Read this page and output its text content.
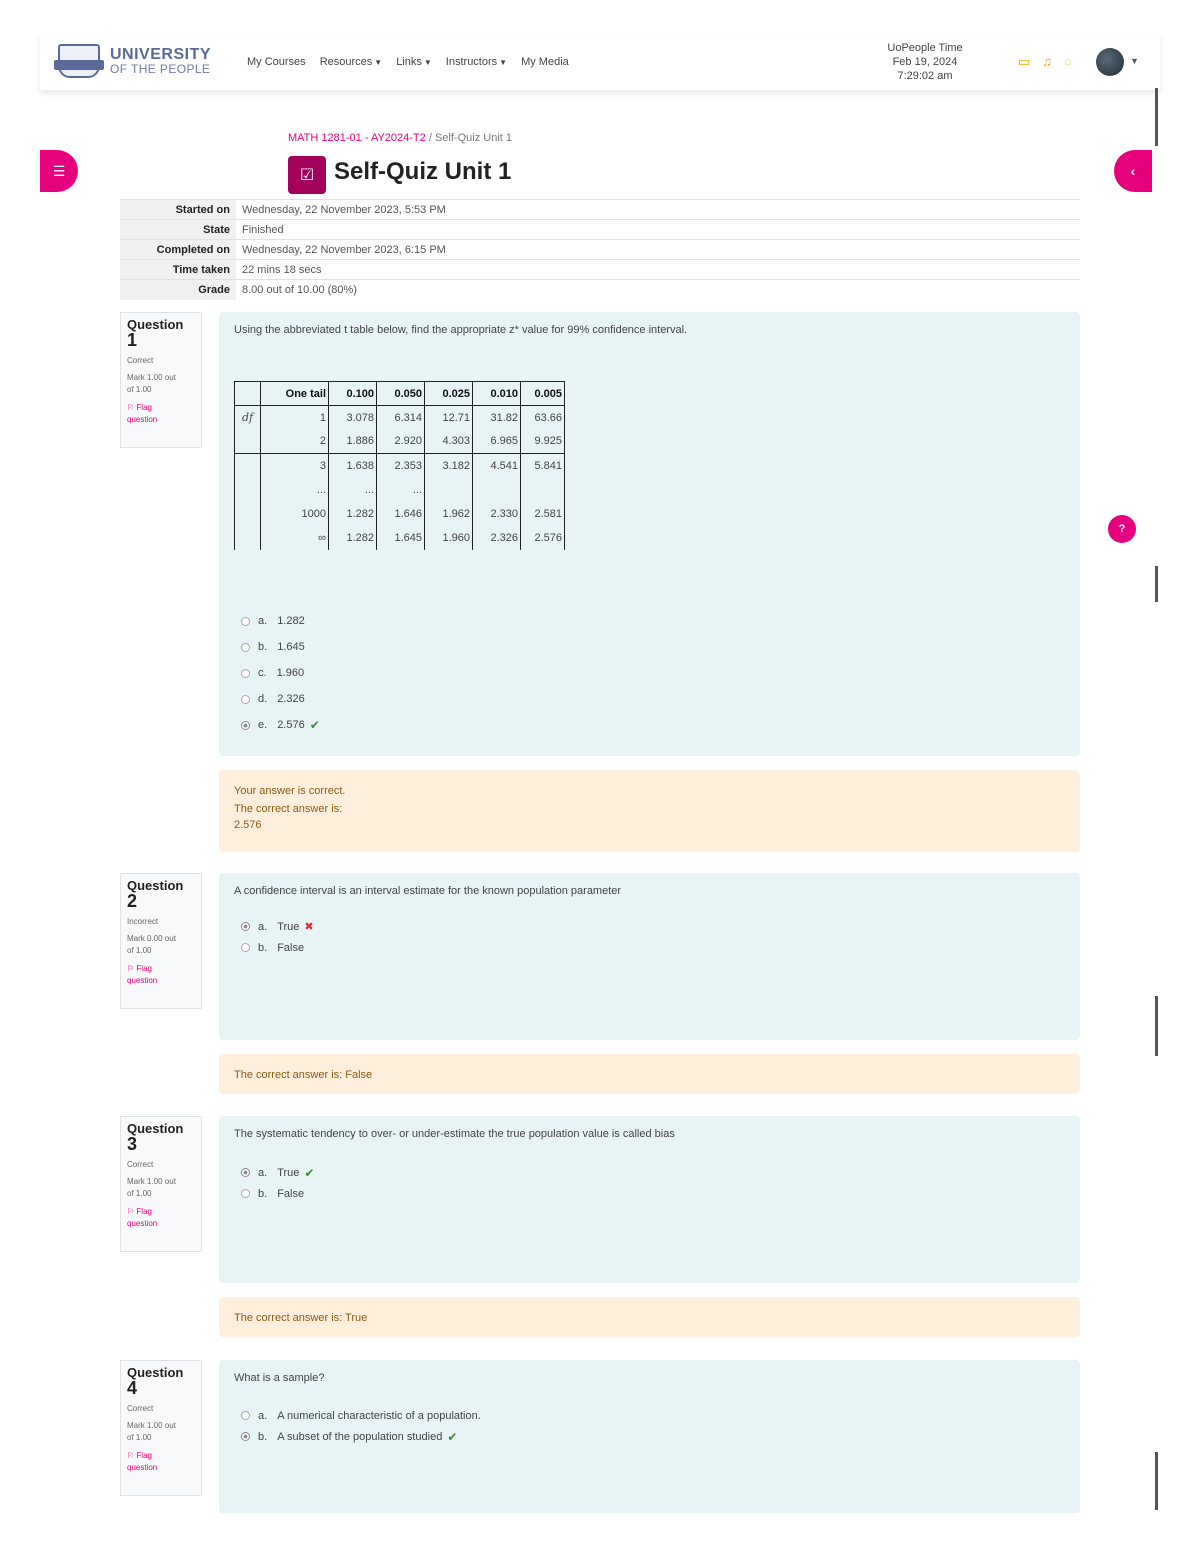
UNIVERSITY
OF THE PEOPLE	My Courses Resources ▼ Links ▼ Instructors ▼ My Media
UoPeople Time
Feb 19, 2024
7:29:02 am
▭ ♫ ◌	▼
☰	‹
?
MATH 1281-01 - AY2024-T2 / Self-Quiz Unit 1
☑ Self-Quiz Unit 1
Started on	Wednesday, 22 November 2023, 5:53 PM
State	Finished
Completed on	Wednesday, 22 November 2023, 6:15 PM
Time taken	22 mins 18 secs
Grade	8.00 out of 10.00 (80%)
Question
1
Correct
Mark 1.00 out
of 1.00
⚐ Flag
question
Using the abbreviated t table below, find the appropriate z* value for 99% confidence interval.
	One tail	0.100	0.050	0.025	0.010	0.005
df	1	3.078	6.314	12.71	31.82	63.66
	2	1.886	2.920	4.303	6.965	9.925
	3	1.638	2.353	3.182	4.541	5.841
	...	...	...			
	1000	1.282	1.646	1.962	2.330	2.581
	∞	1.282	1.645	1.960	2.326	2.576
a. 1.282
b. 1.645
c. 1.960
d. 2.326
e. 2.576 ✔
Your answer is correct.
The correct answer is:
2.576
Question
2
Incorrect
Mark 0.00 out
of 1.00
⚐ Flag
question
A confidence interval is an interval estimate for the known population parameter
a. True ✖
b. False
The correct answer is: False
Question
3
Correct
Mark 1.00 out
of 1.00
⚐ Flag
question
The systematic tendency to over- or under-estimate the true population value is called bias
a. True ✔
b. False
The correct answer is: True
Question
4
Correct
Mark 1.00 out
of 1.00
⚐ Flag
question
What is a sample?
a. A numerical characteristic of a population.
b. A subset of the population studied ✔
